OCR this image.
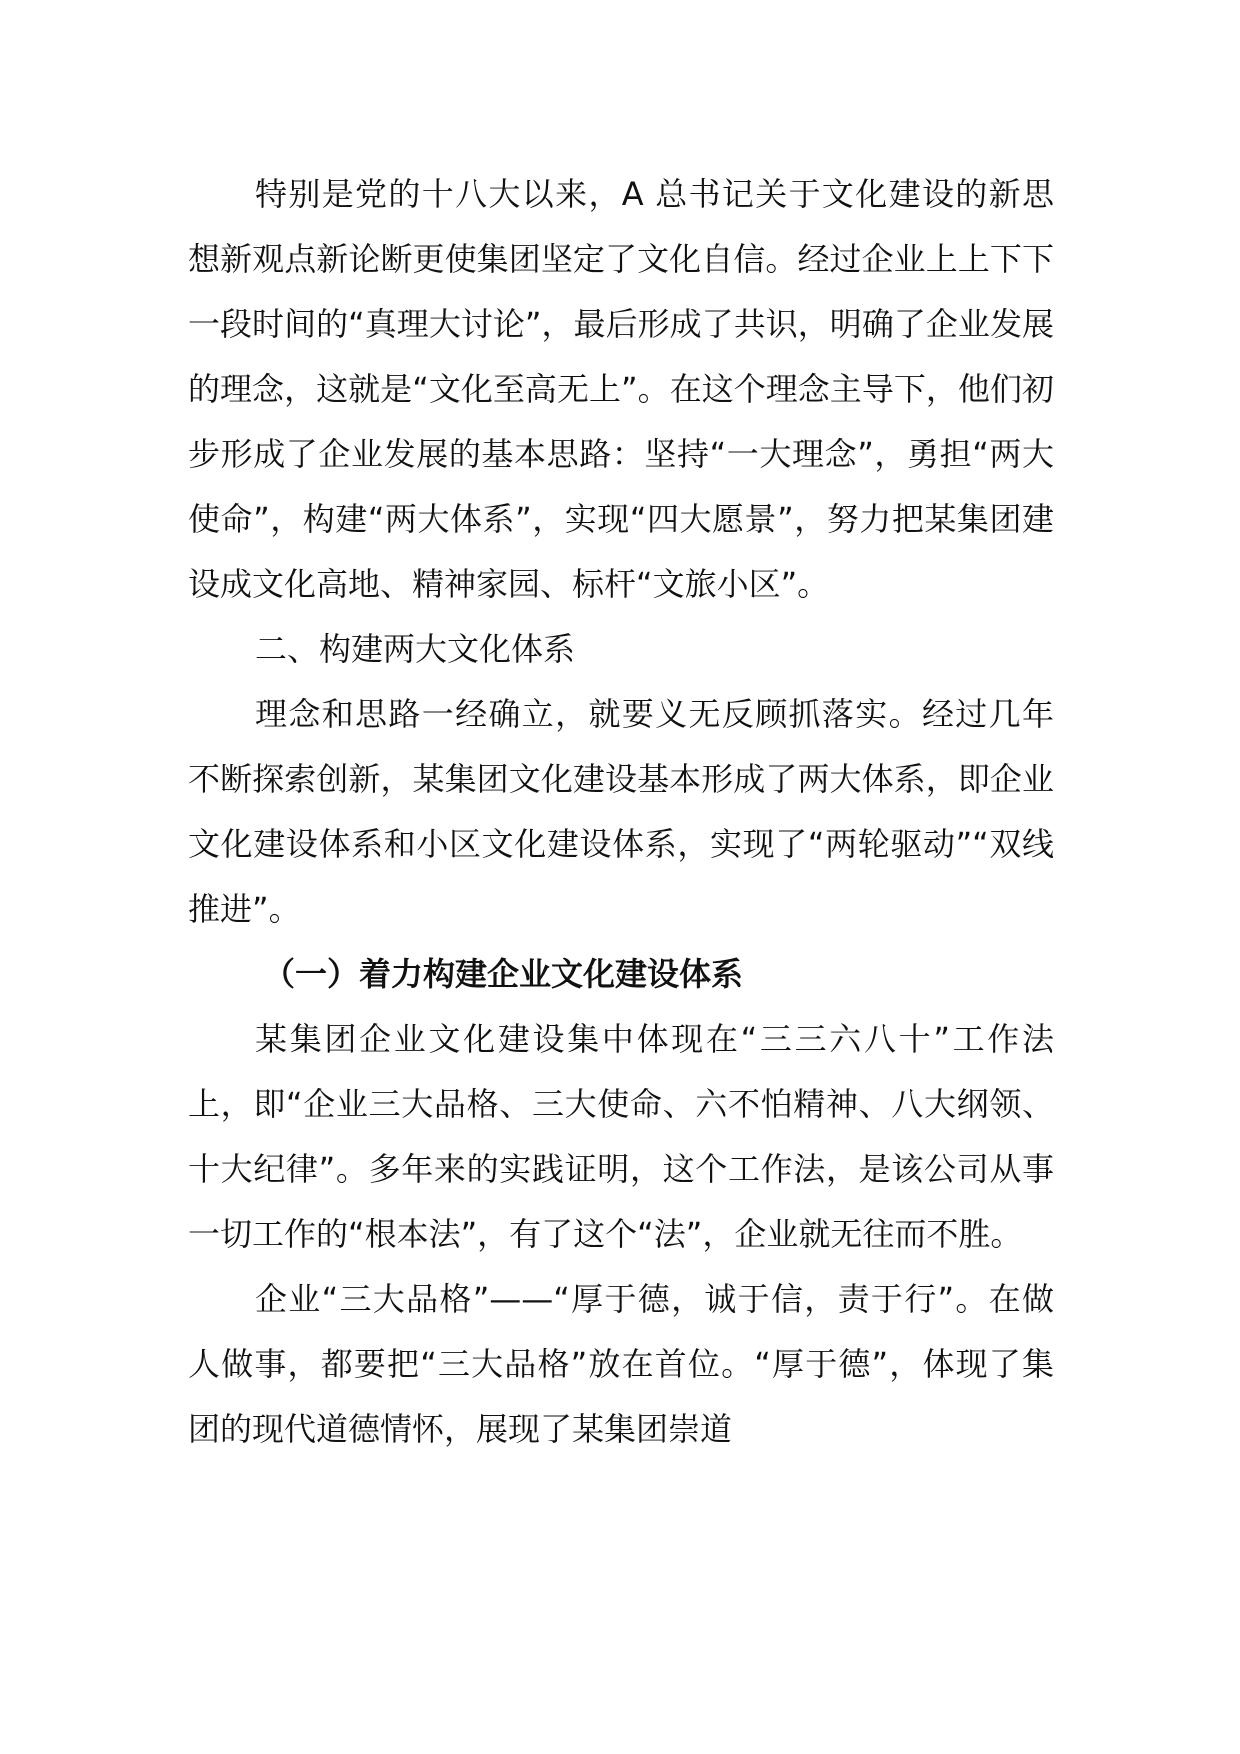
特别是党的十八大以来，A 总书记关于文化建设的新思想新观点新论断更使集团坚定了文化自信。经过企业上上下下一段时间的“真理大讨论”，最后形成了共识，明确了企业发展的理念，这就是“文化至高无上”。在这个理念主导下，他们初步形成了企业发展的基本思路：坚持“一大理念”，勇担“两大使命”，构建“两大体系”，实现“四大愿景”，努力把某集团建设成文化高地、精神家园、标杆“文旅小区”。

二、构建两大文化体系

理念和思路一经确立，就要义无反顾抓落实。经过几年不断探索创新，某集团文化建设基本形成了两大体系，即企业文化建设体系和小区文化建设体系，实现了“两轮驱动”“双线推进”。

（一）着力构建企业文化建设体系

某集团企业文化建设集中体现在“三三六八十”工作法上，即“企业三大品格、三大使命、六不怕精神、八大纲领、十大纪律”。多年来的实践证明，这个工作法，是该公司从事一切工作的“根本法”，有了这个“法”，企业就无往而不胜。

企业“三大品格”——“厚于德，诚于信，责于行”。在做人做事，都要把“三大品格”放在首位。“厚于德”，体现了集团的现代道德情怀，展现了某集团崇道
